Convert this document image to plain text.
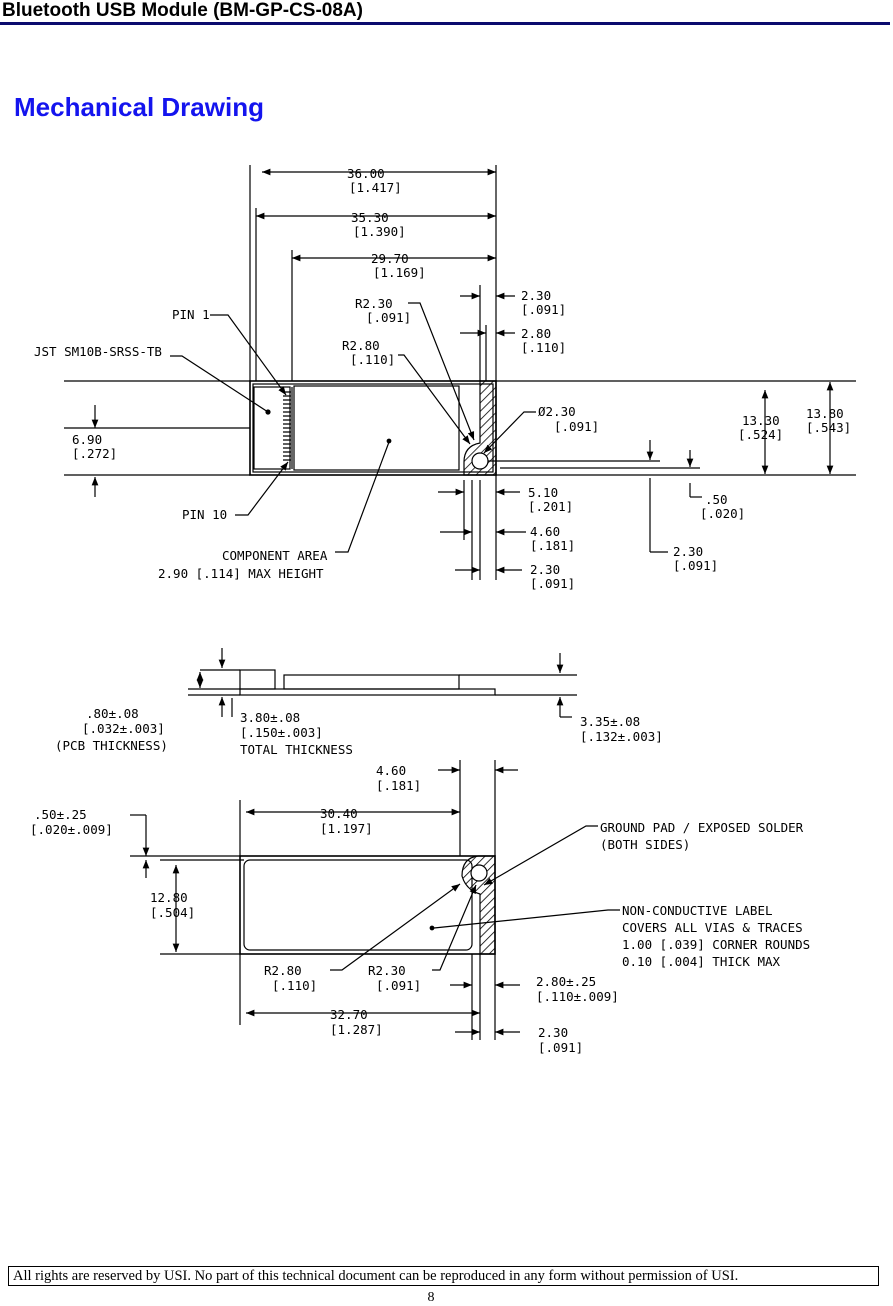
Bluetooth USB Module (BM-GP-CS-08A)
Mechanical Drawing
36.00
[1.417]
35.30
[1.390]
29.70
[1.169]
R2.30
[.091]
R2.80
[.110]
2.30
[.091]
2.80
[.110]
Ø2.30
[.091]	13.30
[.524]
13.80
[.543]
6.90
[.272]
5.10
[.201]	.50
[.020]
4.60
[.181]	2.30
[.091]
2.30
[.091]
PIN 1
JST SM10B-SRSS-TB
PIN 10
COMPONENT AREA
2.90 [.114] MAX HEIGHT
.80±.08
[.032±.003]
(PCB THICKNESS)
3.80±.08
[.150±.003]
TOTAL THICKNESS
3.35±.08
[.132±.003]
4.60
[.181]
30.40
[1.197]
.50±.25
[.020±.009]
12.80
[.504]
GROUND PAD / EXPOSED SOLDER
(BOTH SIDES)
NON-CONDUCTIVE LABEL
COVERS ALL VIAS & TRACES
1.00 [.039] CORNER ROUNDS
0.10 [.004] THICK MAX
R2.80
[.110]
R2.30
[.091]	2.80±.25
[.110±.009]
32.70
[1.287]	2.30
[.091]
All rights are reserved by USI. No part of this technical document can be reproduced in any form without permission of USI.
8
